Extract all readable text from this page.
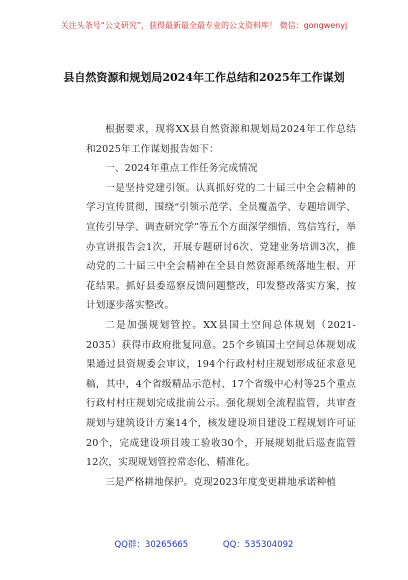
关注头条号“公文研究”，获得最新最全最专业的公文资料库！ 微信：gongwenyj
县自然资源和规划局2024年工作总结和2025年工作谋划

根据要求，现将XX县自然资源和规划局2024年工作总结和2025年工作谋划报告如下：

一、2024年重点工作任务完成情况

一是坚持党建引领。认真抓好党的二十届三中全会精神的学习宣传贯彻，围绕“引领示范学、全员覆盖学、专题培训学、宣传引导学、调查研究学”等五个方面深学细悟、笃信笃行，举办宣讲报告会1次，开展专题研讨6次、党建业务培训3次，推动党的二十届三中全会精神在全县自然资源系统落地生根、开花结果。抓好县委巡察反馈问题整改，印发整改落实方案，按计划逐步落实整改。

二是加强规划管控。XX县国土空间总体规划（2021-2035）获得市政府批复同意。25个乡镇国土空间总体规划成果通过县资规委会审议，194个行政村村庄规划形成征求意见稿，其中，4个省级精品示范村、17个省级中心村等25个重点行政村村庄规划完成批前公示。强化规划全流程监管，共审查规划与建筑设计方案14个，核发建设项目建设工程规划许可证20个，完成建设项目竣工验收30个，开展规划批后巡查监管12次，实现规划管控常态化、精准化。

三是严格耕地保护。克现2023年度变更耕地承诺种植

QQ群：30265665	QQ：535304092
